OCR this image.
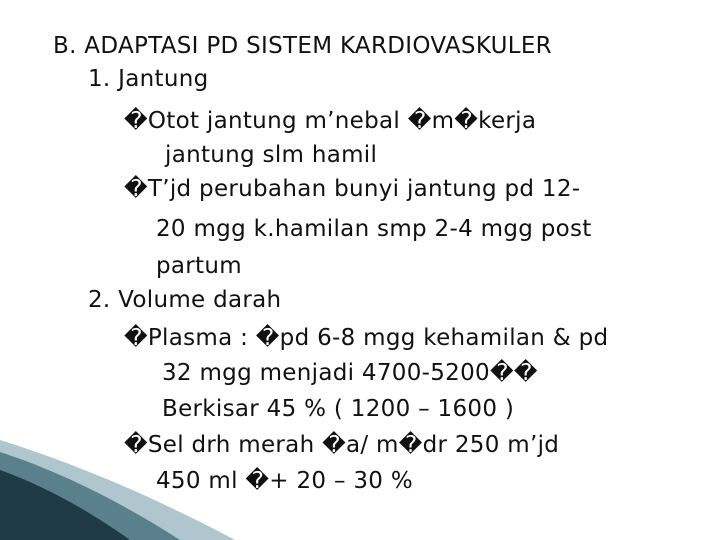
B. ADAPTASI PD SISTEM KARDIOVASKULER
1. Jantung
�Otot jantung m’nebal �m�kerja
jantung slm hamil
�T’jd perubahan bunyi jantung pd 12-
20 mgg k.hamilan smp 2-4 mgg post
partum
2. Volume darah
�Plasma : �pd 6-8 mgg kehamilan & pd
32 mgg menjadi 4700-5200��
Berkisar 45 % ( 1200 – 1600 )
�Sel drh merah �a/ m�dr 250 m’jd
450 ml �+ 20 – 30 %
